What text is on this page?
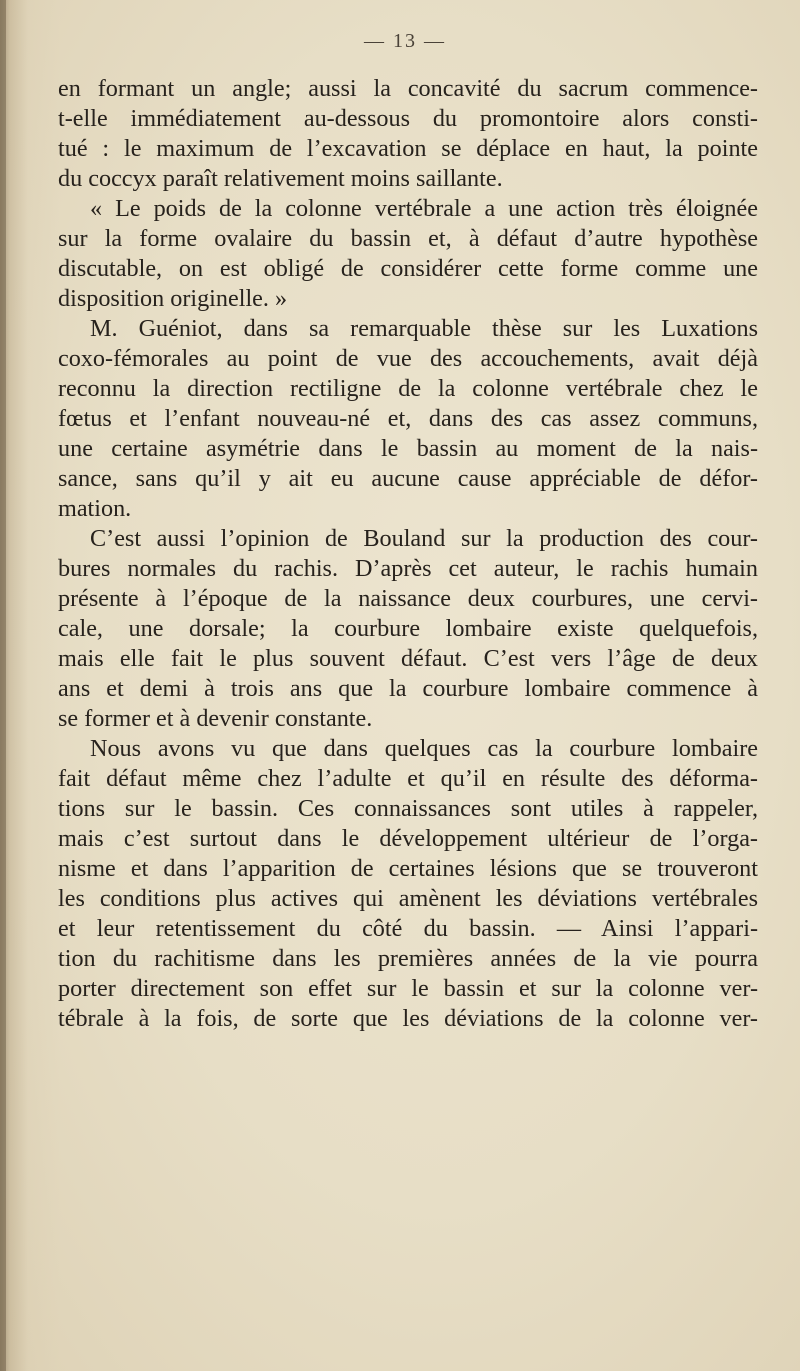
— 13 —
en formant un angle; aussi la concavité du sacrum commence-
t-elle immédiatement au-dessous du promontoire alors consti-
tué : le maximum de l’excavation se déplace en haut, la pointe
du coccyx paraît relativement moins saillante.
« Le poids de la colonne vertébrale a une action très éloignée
sur la forme ovalaire du bassin et, à défaut d’autre hypothèse
discutable, on est obligé de considérer cette forme comme une
disposition originelle. »
M. Guéniot, dans sa remarquable thèse sur les Luxations
coxo-fémorales au point de vue des accouchements, avait déjà
reconnu la direction rectiligne de la colonne vertébrale chez le
fœtus et l’enfant nouveau-né et, dans des cas assez communs,
une certaine asymétrie dans le bassin au moment de la nais-
sance, sans qu’il y ait eu aucune cause appréciable de défor-
mation.
C’est aussi l’opinion de Bouland sur la production des cour-
bures normales du rachis. D’après cet auteur, le rachis humain
présente à l’époque de la naissance deux courbures, une cervi-
cale, une dorsale; la courbure lombaire existe quelquefois,
mais elle fait le plus souvent défaut. C’est vers l’âge de deux
ans et demi à trois ans que la courbure lombaire commence à
se former et à devenir constante.
Nous avons vu que dans quelques cas la courbure lombaire
fait défaut même chez l’adulte et qu’il en résulte des déforma-
tions sur le bassin. Ces connaissances sont utiles à rappeler,
mais c’est surtout dans le développement ultérieur de l’orga-
nisme et dans l’apparition de certaines lésions que se trouveront
les conditions plus actives qui amènent les déviations vertébrales
et leur retentissement du côté du bassin. — Ainsi l’appari-
tion du rachitisme dans les premières années de la vie pourra
porter directement son effet sur le bassin et sur la colonne ver-
tébrale à la fois, de sorte que les déviations de la colonne ver-
